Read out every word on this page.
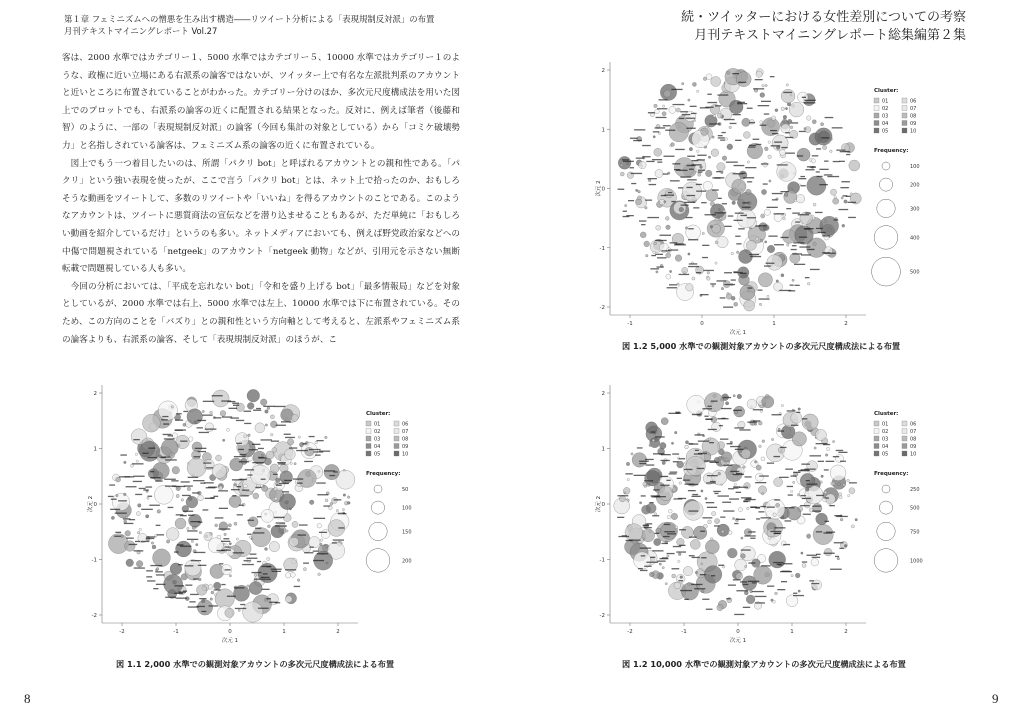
第１章 フェミニズムへの憎悪を生み出す構造――リツイート分析による「表現規制反対派」の布置
月刊テキストマイニングレポート Vol.27
続・ツイッターにおける女性差別についての考察
月刊テキストマイニングレポート総集編第２集

客は、2000 水準ではカテゴリー１、5000 水準ではカテゴリー５、10000 水準ではカテゴリー１のような、政権に近い立場にある右派系の論客ではないが、ツイッター上で有名な左派批判系のアカウントと近いところに布置されていることがわかった。カテゴリー分けのほか、多次元尺度構成法を用いた図上でのプロットでも、右派系の論客の近くに配置される結果となった。反対に、例えば筆者（後藤和智）のように、一部の「表現規制反対派」の論客（今回も集計の対象としている）から「コミケ破壊勢力」と名指しされている論客は、フェミニズム系の論客の近くに布置されている。

図上でもう一つ着目したいのは、所謂「パクリ bot」と呼ばれるアカウントとの親和性である。「パクリ」という強い表現を使ったが、ここで言う「パクリ bot」とは、ネット上で拾ったのか、おもしろそうな動画をツイートして、多数のリツイートや「いいね」を得るアカウントのことである。このようなアカウントは、ツイートに悪質商法の宣伝などを潜り込ませることもあるが、ただ単純に「おもしろい動画を紹介しているだけ」というのも多い。ネットメディアにおいても、例えば野党政治家などへの中傷で問題視されている「netgeek」のアカウント「netgeek 動物」などが、引用元を示さない無断転載で問題視している人も多い。

今回の分析においては、「平成を忘れない bot」「令和を盛り上げる bot」「最多情報局」などを対象としているが、2000 水準では右上、5000 水準では左上、10000 水準では下に布置されている。そのため、この方向のことを「バズり」との親和性という方向軸として考えると、左派系やフェミニズム系の論客よりも、右派系の論客、そして「表現規制反対派」のほうが、こ

2
1
0
-1
-2
-1	0	1	2
次元 1
次元 2
Cluster:
01
02
03
04
05
06
07
08
09
10
Frequency:
100
200
300
400
500
2
1
0
-1
-2
-2	-1	0	1	2
次元 1
次元 2
Cluster:
01
02
03
04
05
06
07
08
09
10
Frequency:
50
100
150
200
2
1
0
-1
-2
-2	-1	0	1	2
次元 1
次元 2
Cluster:
01
02
03
04
05
06
07
08
09
10
Frequency:
250
500
750
1000
図 1.2 5,000 水準での観測対象アカウントの多次元尺度構成法による布置
図 1.1 2,000 水準での観測対象アカウントの多次元尺度構成法による布置	図 1.2 10,000 水準での観測対象アカウントの多次元尺度構成法による布置
8	9
